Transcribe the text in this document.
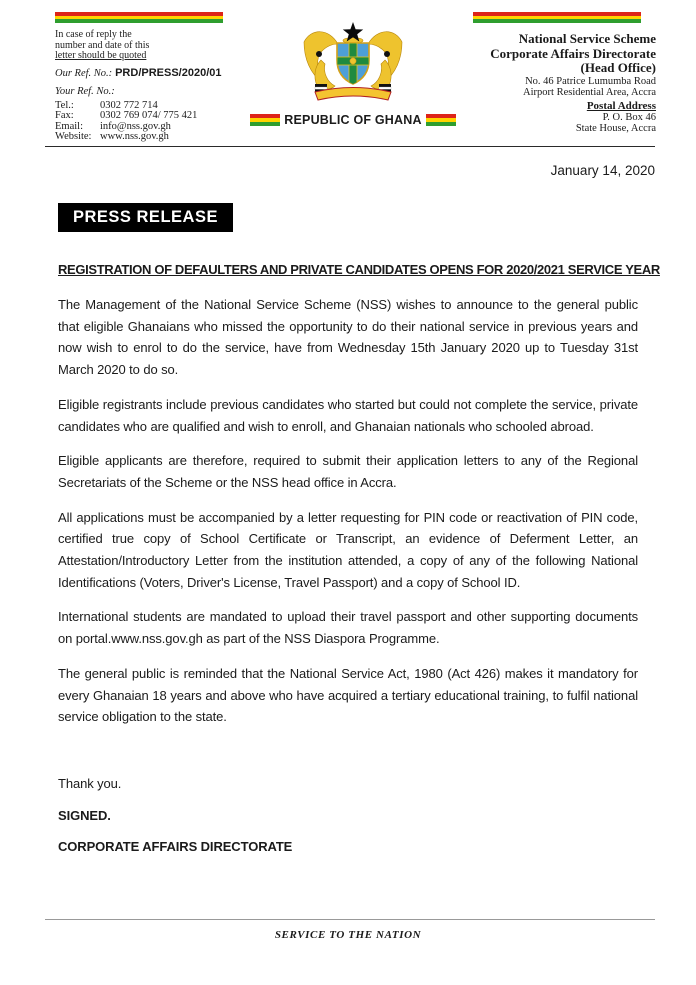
In case of reply the
number and date of this
letter should be quoted
Our Ref. No.: PRD/PRESS/2020/01
Your Ref. No.:
Tel.:	0302 772 714
Fax:	0302 769 074/ 775 421
Email:	info@nss.gov.gh
Website: www.nss.gov.gh
REPUBLIC OF GHANA
National Service Scheme
Corporate Affairs Directorate
(Head Office)
No. 46 Patrice Lumumba Road
Airport Residential Area, Accra
Postal Address
P. O. Box 46
State House, Accra
January 14, 2020
PRESS RELEASE
REGISTRATION OF DEFAULTERS AND PRIVATE CANDIDATES OPENS FOR 2020/2021 SERVICE YEAR

The Management of the National Service Scheme (NSS) wishes to announce to the general public that eligible Ghanaians who missed the opportunity to do their national service in previous years and now wish to enrol to do the service, have from Wednesday 15th January 2020 up to Tuesday 31st March 2020 to do so.

Eligible registrants include previous candidates who started but could not complete the service, private candidates who are qualified and wish to enroll, and Ghanaian nationals who schooled abroad.

Eligible applicants are therefore, required to submit their application letters to any of the Regional Secretariats of the Scheme or the NSS head office in Accra.

All applications must be accompanied by a letter requesting for PIN code or reactivation of PIN code, certified true copy of School Certificate or Transcript, an evidence of Deferment Letter, an Attestation/Introductory Letter from the institution attended, a copy of any of the following National Identifications (Voters, Driver's License, Travel Passport) and a copy of School ID.

International students are mandated to upload their travel passport and other supporting documents on portal.www.nss.gov.gh as part of the NSS Diaspora Programme.

The general public is reminded that the National Service Act, 1980 (Act 426) makes it mandatory for every Ghanaian 18 years and above who have acquired a tertiary educational training, to fulfil national service obligation to the state.

Thank you.

SIGNED.

CORPORATE AFFAIRS DIRECTORATE

SERVICE TO THE NATION
